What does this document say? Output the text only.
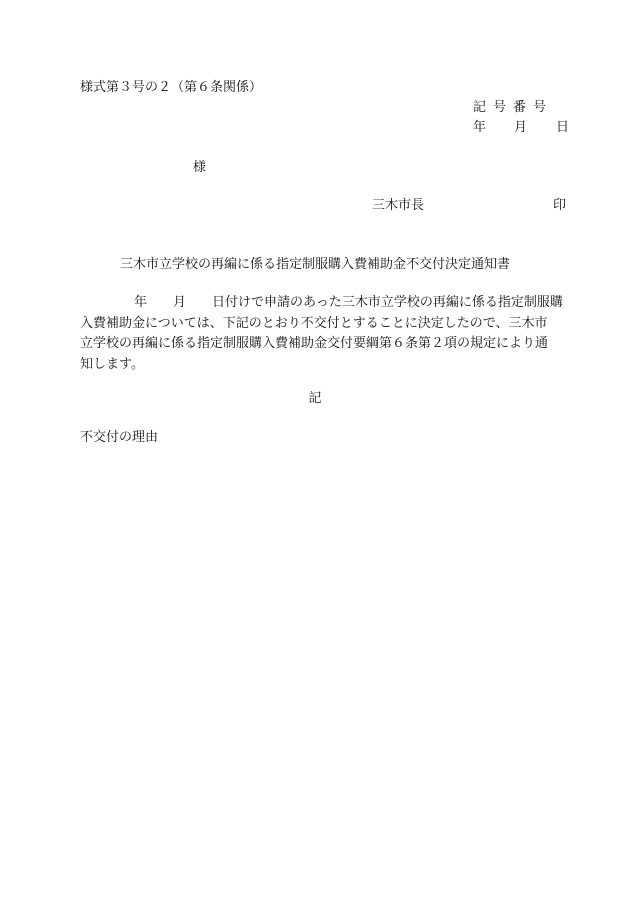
様式第３号の２（第６条関係）
記号番号
年 月 日
様
三木市長	印
三木市立学校の再編に係る指定制服購入費補助金不交付決定通知書
年　　月　　日付けで申請のあった三木市立学校の再編に係る指定制服購
入費補助金については、下記のとおり不交付とすることに決定したので、三木市
立学校の再編に係る指定制服購入費補助金交付要綱第６条第２項の規定により通
知します。
記
不交付の理由
